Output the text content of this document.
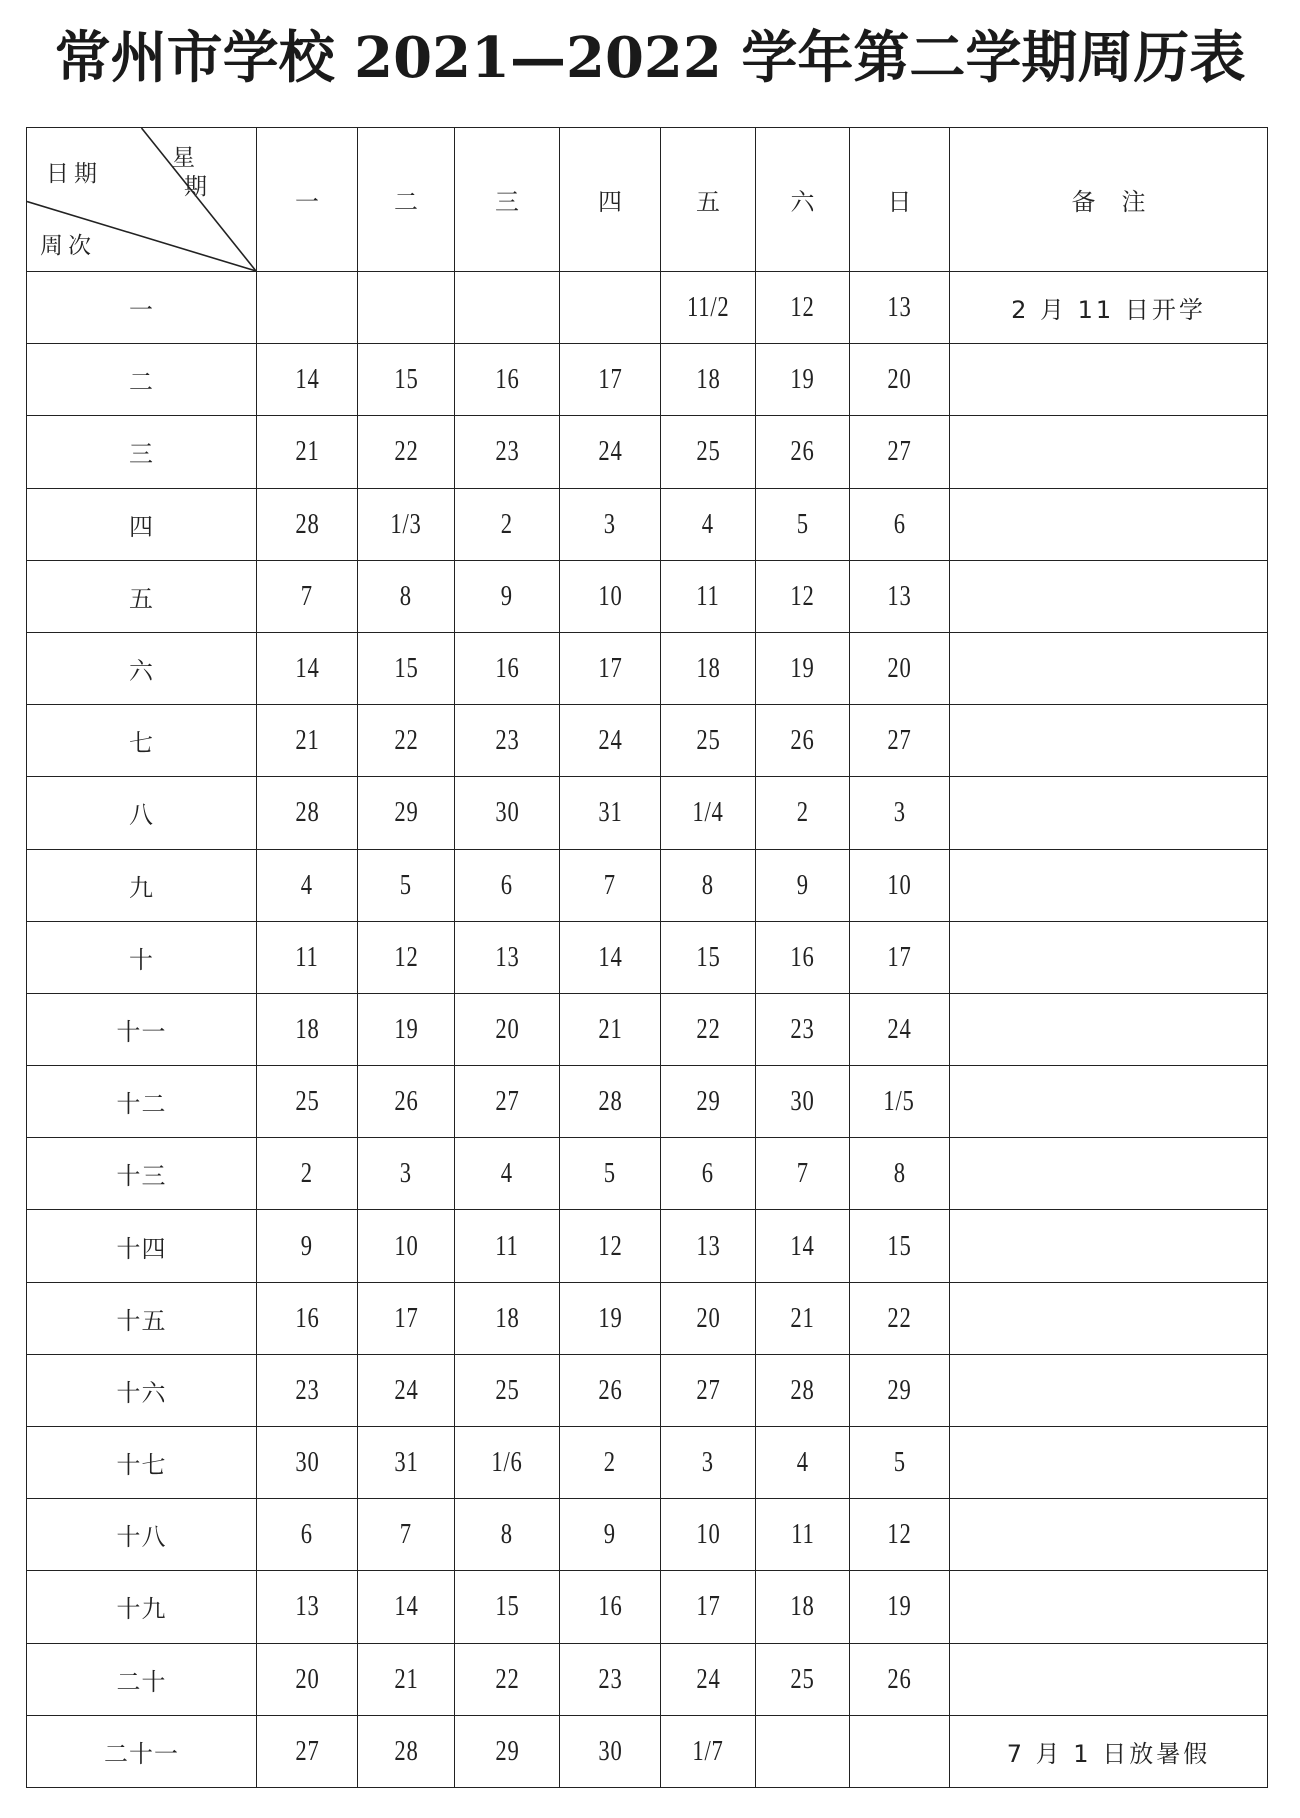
常州市学校 2021—2022 学年第二学期周历表
日期
星
期
周次	一	二	三	四	五	六	日	备注
一					11/2	12	13	2 月 11 日开学
二	14	15	16	17	18	19	20	
三	21	22	23	24	25	26	27	
四	28	1/3	2	3	4	5	6	
五	7	8	9	10	11	12	13	
六	14	15	16	17	18	19	20	
七	21	22	23	24	25	26	27	
八	28	29	30	31	1/4	2	3	
九	4	5	6	7	8	9	10	
十	11	12	13	14	15	16	17	
十一	18	19	20	21	22	23	24	
十二	25	26	27	28	29	30	1/5	
十三	2	3	4	5	6	7	8	
十四	9	10	11	12	13	14	15	
十五	16	17	18	19	20	21	22	
十六	23	24	25	26	27	28	29	
十七	30	31	1/6	2	3	4	5	
十八	6	7	8	9	10	11	12	
十九	13	14	15	16	17	18	19	
二十	20	21	22	23	24	25	26	
二十一	27	28	29	30	1/7			7 月 1 日放暑假
